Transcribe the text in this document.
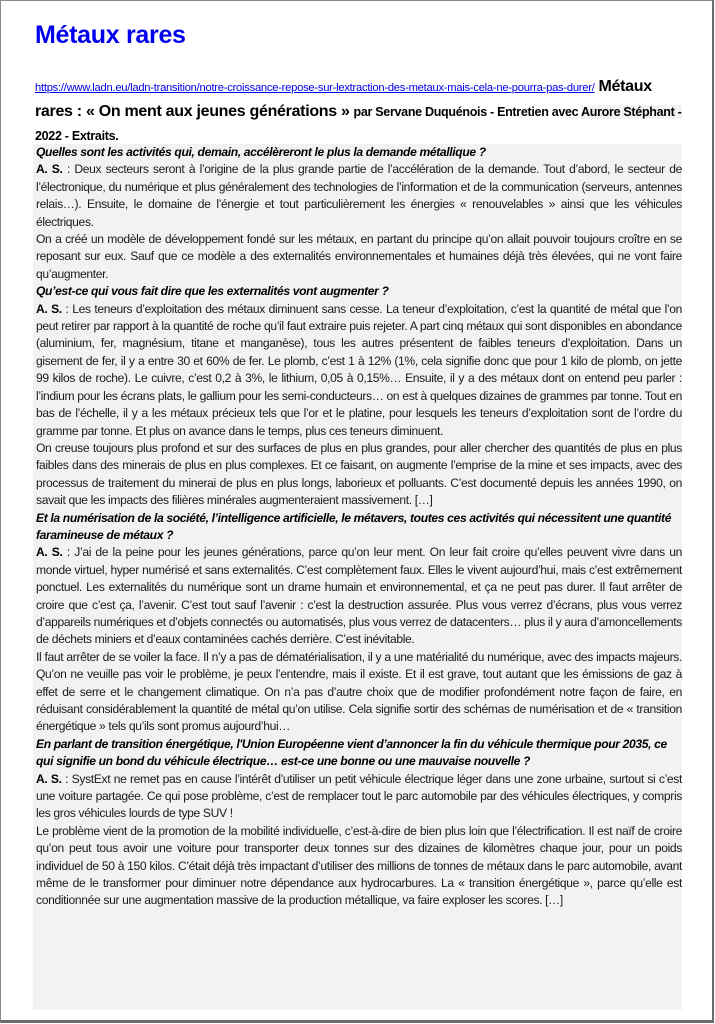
Métaux rares
https://www.ladn.eu/ladn-transition/notre-croissance-repose-sur-lextraction-des-metaux-mais-cela-ne-pourra-pas-durer/ Métaux rares : « On ment aux jeunes générations » par Servane Duquénois - Entretien avec Aurore Stéphant - 2022 - Extraits.

Quelles sont les activités qui, demain, accélèreront le plus la demande métallique ?

A. S. : Deux secteurs seront à l’origine de la plus grande partie de l’accélération de la demande. Tout d’abord, le secteur de l’électronique, du numérique et plus généralement des technologies de l’information et de la communication (serveurs, antennes relais…). Ensuite, le domaine de l’énergie et tout particulièrement les énergies « renouvelables » ainsi que les véhicules électriques.

On a créé un modèle de développement fondé sur les métaux, en partant du principe qu’on allait pouvoir toujours croître en se reposant sur eux. Sauf que ce modèle a des externalités environnementales et humaines déjà très élevées, qui ne vont faire qu’augmenter.

Qu’est-ce qui vous fait dire que les externalités vont augmenter ?

A. S. : Les teneurs d’exploitation des métaux diminuent sans cesse. La teneur d’exploitation, c’est la quantité de métal que l’on peut retirer par rapport à la quantité de roche qu’il faut extraire puis rejeter. A part cinq métaux qui sont disponibles en abondance (aluminium, fer, magnésium, titane et manganèse), tous les autres présentent de faibles teneurs d’exploitation. Dans un gisement de fer, il y a entre 30 et 60% de fer. Le plomb, c’est 1 à 12% (1%, cela signifie donc que pour 1 kilo de plomb, on jette 99 kilos de roche). Le cuivre, c’est 0,2 à 3%, le lithium, 0,05 à 0,15%… Ensuite, il y a des métaux dont on entend peu parler : l’indium pour les écrans plats, le gallium pour les semi-conducteurs… on est à quelques dizaines de grammes par tonne. Tout en bas de l’échelle, il y a les métaux précieux tels que l’or et le platine, pour lesquels les teneurs d’exploitation sont de l’ordre du gramme par tonne. Et plus on avance dans le temps, plus ces teneurs diminuent.

On creuse toujours plus profond et sur des surfaces de plus en plus grandes, pour aller chercher des quantités de plus en plus faibles dans des minerais de plus en plus complexes. Et ce faisant, on augmente l’emprise de la mine et ses impacts, avec des processus de traitement du minerai de plus en plus longs, laborieux et polluants. C’est documenté depuis les années 1990, on savait que les impacts des filières minérales augmenteraient massivement. […]

Et la numérisation de la société, l’intelligence artificielle, le métavers, toutes ces activités qui nécessitent une quantité faramineuse de métaux ?

A. S. : J’ai de la peine pour les jeunes générations, parce qu’on leur ment. On leur fait croire qu’elles peuvent vivre dans un monde virtuel, hyper numérisé et sans externalités. C’est complètement faux. Elles le vivent aujourd’hui, mais c’est extrêmement ponctuel. Les externalités du numérique sont un drame humain et environnemental, et ça ne peut pas durer. Il faut arrêter de croire que c’est ça, l’avenir. C’est tout sauf l’avenir : c’est la destruction assurée. Plus vous verrez d’écrans, plus vous verrez d’appareils numériques et d’objets connectés ou automatisés, plus vous verrez de datacenters… plus il y aura d’amoncellements de déchets miniers et d’eaux contaminées cachés derrière. C’est inévitable.

Il faut arrêter de se voiler la face. Il n’y a pas de dématérialisation, il y a une matérialité du numérique, avec des impacts majeurs. Qu’on ne veuille pas voir le problème, je peux l’entendre, mais il existe. Et il est grave, tout autant que les émissions de gaz à effet de serre et le changement climatique. On n’a pas d’autre choix que de modifier profondément notre façon de faire, en réduisant considérablement la quantité de métal qu’on utilise. Cela signifie sortir des schémas de numérisation et de « transition énergétique » tels qu’ils sont promus aujourd’hui…

En parlant de transition énergétique, l'Union Européenne vient d’annoncer la fin du véhicule thermique pour 2035, ce qui signifie un bond du véhicule électrique… est-ce une bonne ou une mauvaise nouvelle ?

A. S. : SystExt ne remet pas en cause l’intérêt d’utiliser un petit véhicule électrique léger dans une zone urbaine, surtout si c’est une voiture partagée. Ce qui pose problème, c’est de remplacer tout le parc automobile par des véhicules électriques, y compris les gros véhicules lourds de type SUV !

Le problème vient de la promotion de la mobilité individuelle, c’est-à-dire de bien plus loin que l’électrification. Il est naïf de croire qu’on peut tous avoir une voiture pour transporter deux tonnes sur des dizaines de kilomètres chaque jour, pour un poids individuel de 50 à 150 kilos. C’était déjà très impactant d’utiliser des millions de tonnes de métaux dans le parc automobile, avant même de le transformer pour diminuer notre dépendance aux hydrocarbures. La « transition énergétique », parce qu’elle est conditionnée sur une augmentation massive de la production métallique, va faire exploser les scores. […]
